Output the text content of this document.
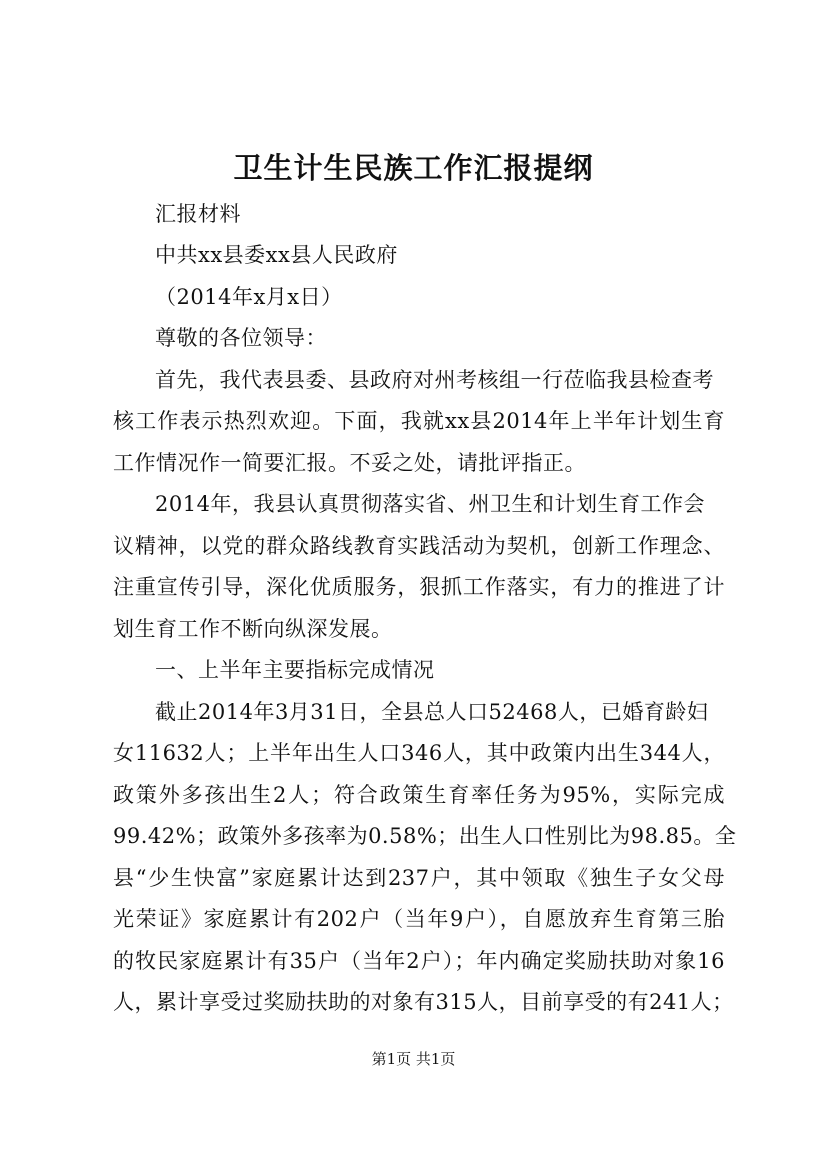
卫生计生民族工作汇报提纲
汇报材料
中共xx县委xx县人民政府
（2014年x月x日）
尊敬的各位领导：
首先，我代表县委、县政府对州考核组一行莅临我县检查考
核工作表示热烈欢迎。下面，我就xx县2014年上半年计划生育
工作情况作一简要汇报。不妥之处，请批评指正。
2014年，我县认真贯彻落实省、州卫生和计划生育工作会
议精神，以党的群众路线教育实践活动为契机，创新工作理念、
注重宣传引导，深化优质服务，狠抓工作落实，有力的推进了计
划生育工作不断向纵深发展。
一、上半年主要指标完成情况
截止2014年3月31日，全县总人口52468人，已婚育龄妇
女11632人；上半年出生人口346人，其中政策内出生344人，
政策外多孩出生2人；符合政策生育率任务为95%，实际完成
99.42%；政策外多孩率为0.58%；出生人口性别比为98.85。全
县“少生快富”家庭累计达到237户，其中领取《独生子女父母
光荣证》家庭累计有202户（当年9户），自愿放弃生育第三胎
的牧民家庭累计有35户（当年2户）；年内确定奖励扶助对象16
人，累计享受过奖励扶助的对象有315人，目前享受的有241人；
第1页 共1页
